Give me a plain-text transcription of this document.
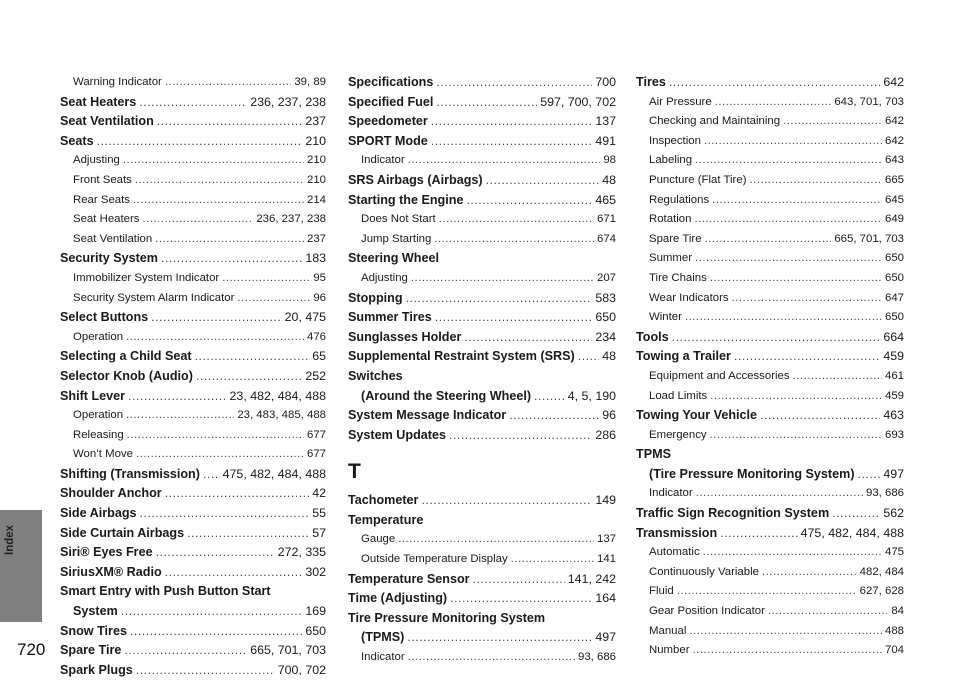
Index
720
Warning Indicator .....	39, 89
Seat Heaters .....	236, 237, 238
Seat Ventilation .....	237
Seats .....	210
Adjusting .....	210
Front Seats .....	210
Rear Seats .....	214
Seat Heaters .....	236, 237, 238
Seat Ventilation .....	237
Security System .....	183
Immobilizer System Indicator .....	95
Security System Alarm Indicator .....	96
Select Buttons .....	20, 475
Operation .....	476
Selecting a Child Seat .....	65
Selector Knob (Audio) .....	252
Shift Lever .....	23, 482, 484, 488
Operation .....	23, 483, 485, 488
Releasing .....	677
Won’t Move .....	677
Shifting (Transmission) ..... 475, 482, 484, 488
Shoulder Anchor .....	42
Side Airbags .....	55
Side Curtain Airbags .....	57
Siri® Eyes Free .....	272, 335
SiriusXM® Radio .....	302
Smart Entry with Push Button Start
System .....	169
Snow Tires .....	650
Spare Tire .....	665, 701, 703
Spark Plugs .....	700, 702
Specifications .....	700
Specified Fuel .....	597, 700, 702
Speedometer .....	137
SPORT Mode .....	491
Indicator .....	98
SRS Airbags (Airbags) .....	48
Starting the Engine .....	465
Does Not Start .....	671
Jump Starting .....	674
Steering Wheel
Adjusting .....	207
Stopping .....	583
Summer Tires .....	650
Sunglasses Holder .....	234
Supplemental Restraint System (SRS) ..... 48
Switches
(Around the Steering Wheel) .....	4, 5, 190
System Message Indicator .....	96
System Updates .....	286
T
Tachometer .....	149
Temperature
Gauge .....	137
Outside Temperature Display .....	141
Temperature Sensor .....	141, 242
Time (Adjusting) .....	164
Tire Pressure Monitoring System
(TPMS) .....	497
Indicator .....	93, 686
Tires .....	642
Air Pressure .....	643, 701, 703
Checking and Maintaining .....	642
Inspection .....	642
Labeling .....	643
Puncture (Flat Tire) .....	665
Regulations .....	645
Rotation .....	649
Spare Tire .....	665, 701, 703
Summer .....	650
Tire Chains .....	650
Wear Indicators .....	647
Winter .....	650
Tools .....	664
Towing a Trailer .....	459
Equipment and Accessories .....	461
Load Limits .....	459
Towing Your Vehicle .....	463
Emergency .....	693
TPMS
(Tire Pressure Monitoring System) ..... 497
Indicator .....	93, 686
Traffic Sign Recognition System .....	562
Transmission .....	475, 482, 484, 488
Automatic .....	475
Continuously Variable .....	482, 484
Fluid .....	627, 628
Gear Position Indicator .....	84
Manual .....	488
Number .....	704
